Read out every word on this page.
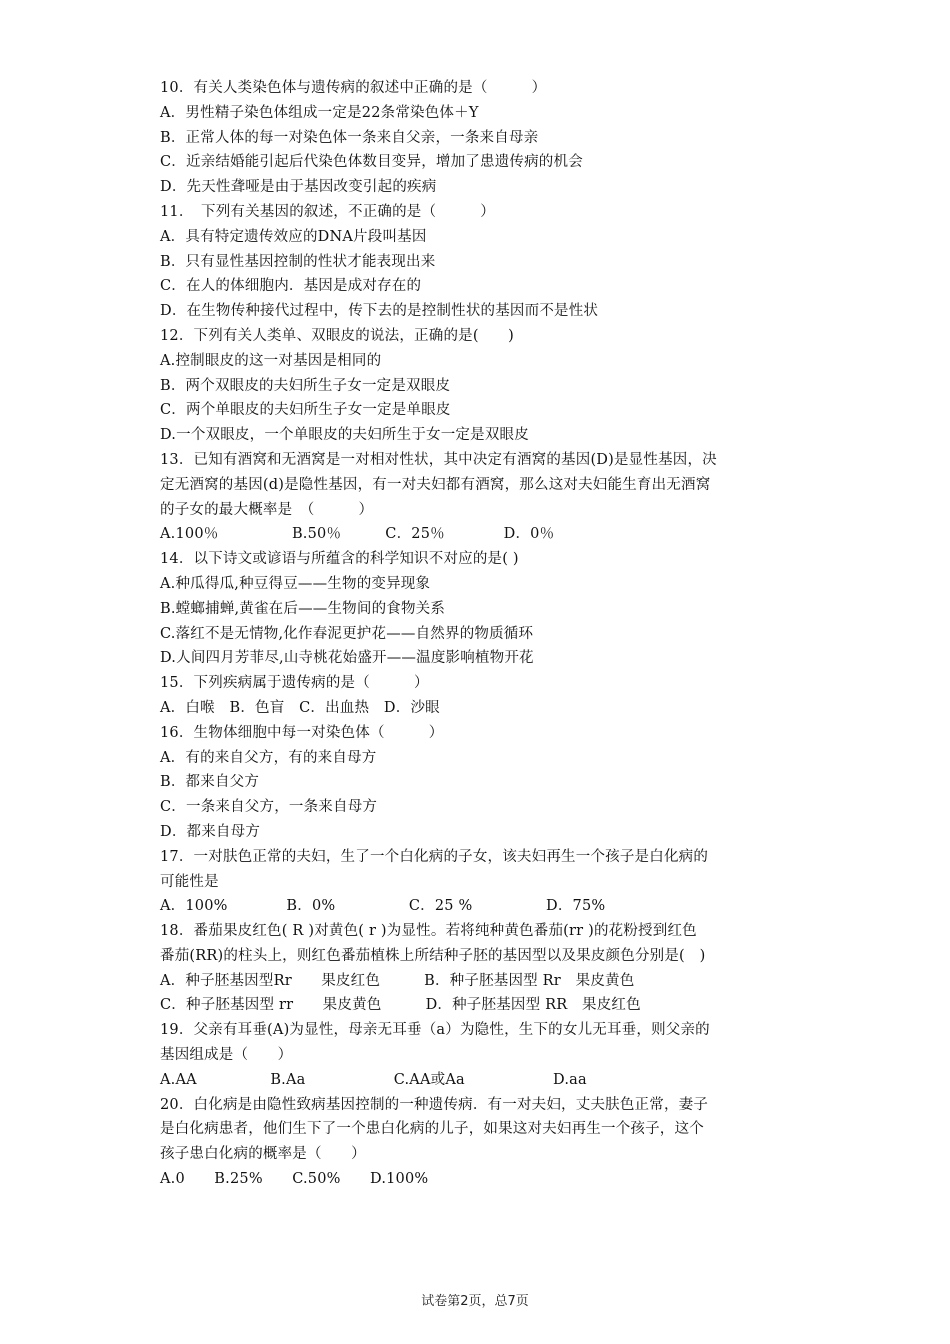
10．有关人类染色体与遗传病的叙述中正确的是（　　　）
A．男性精子染色体组成一定是22条常染色体＋Y
B．正常人体的每一对染色体一条来自父亲，一条来自母亲
C．近亲结婚能引起后代染色体数目变异，增加了患遗传病的机会
D．先天性聋哑是由于基因改变引起的疾病
11．　下列有关基因的叙述，不正确的是（　　　）
A．具有特定遗传效应的DNA片段叫基因
B．只有显性基因控制的性状才能表现出来
C．在人的体细胞内．基因是成对存在的
D．在生物传种接代过程中，传下去的是控制性状的基因而不是性状
12．下列有关人类单、双眼皮的说法，正确的是(　　)
A.控制眼皮的这一对基因是相同的
B．两个双眼皮的夫妇所生子女一定是双眼皮
C．两个单眼皮的夫妇所生子女一定是单眼皮
D.一个双眼皮，一个单眼皮的夫妇所生于女一定是双眼皮
13．已知有酒窝和无酒窝是一对相对性状，其中决定有酒窝的基因(D)是显性基因，决
定无酒窝的基因(d)是隐性基因，有一对夫妇都有酒窝，那么这对夫妇能生育出无酒窝
的子女的最大概率是　（　　　）
A.100％　　　　　B.50％　　　C．25％　　　　D．0％
14．以下诗文或谚语与所蕴含的科学知识不对应的是( )
A.种瓜得瓜,种豆得豆——生物的变异现象
B.螳螂捕蝉,黄雀在后——生物间的食物关系
C.落红不是无情物,化作春泥更护花——自然界的物质循环
D.人间四月芳菲尽,山寺桃花始盛开——温度影响植物开花
15．下列疾病属于遗传病的是（　　　）
A．白喉　B．色盲　C．出血热　D．沙眼
16．生物体细胞中每一对染色体（　　　）
A．有的来自父方，有的来自母方
B．都来自父方
C．一条来自父方，一条来自母方
D．都来自母方
17．一对肤色正常的夫妇，生了一个白化病的子女，该夫妇再生一个孩子是白化病的
可能性是
A．100%　　　　B．0%　　　　　C．25 %　　　　　D．75%
18．番茄果皮红色( R )对黄色( r )为显性。若将纯种黄色番茄(rr )的花粉授到红色
番茄(RR)的柱头上，则红色番茄植株上所结种子胚的基因型以及果皮颜色分别是(　)
A．种子胚基因型Rr　　果皮红色　　　B．种子胚基因型 Rr　果皮黄色
C．种子胚基因型 rr　　果皮黄色　　　D．种子胚基因型 RR　果皮红色
19．父亲有耳垂(A)为显性，母亲无耳垂（a）为隐性，生下的女儿无耳垂，则父亲的
基因组成是（　　）
A.AA　　　　　B.Aa　　　　　　C.AA或Aa　　　　　　D.aa
20．白化病是由隐性致病基因控制的一种遗传病．有一对夫妇，丈夫肤色正常，妻子
是白化病患者，他们生下了一个患白化病的儿子，如果这对夫妇再生一个孩子，这个
孩子患白化病的概率是（　　）
A.0　　B.25%　　C.50%　　D.100%
试卷第2页，总7页
